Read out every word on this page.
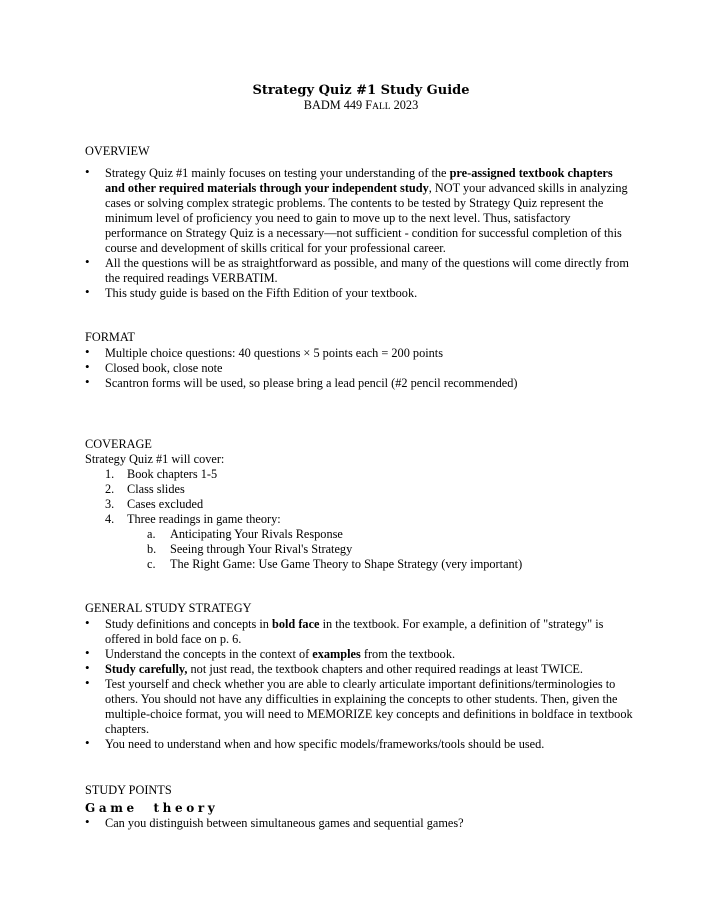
Strategy Quiz #1 Study Guide
BADM 449 FALL 2023
OVERVIEW
• Strategy Quiz #1 mainly focuses on testing your understanding of the pre-assigned textbook chapters and other required materials through your independent study, NOT your advanced skills in analyzing cases or solving complex strategic problems. The contents to be tested by Strategy Quiz represent the minimum level of proficiency you need to gain to move up to the next level. Thus, satisfactory performance on Strategy Quiz is a necessary—not sufficient - condition for successful completion of this course and development of skills critical for your professional career.
• All the questions will be as straightforward as possible, and many of the questions will come directly from the required readings VERBATIM.
• This study guide is based on the Fifth Edition of your textbook.
FORMAT
• Multiple choice questions: 40 questions × 5 points each = 200 points
• Closed book, close note
• Scantron forms will be used, so please bring a lead pencil (#2 pencil recommended)
COVERAGE
Strategy Quiz #1 will cover:
1. Book chapters 1-5
2. Class slides
3. Cases excluded
4. Three readings in game theory:
a. Anticipating Your Rivals Response
b. Seeing through Your Rival's Strategy
c. The Right Game: Use Game Theory to Shape Strategy (very important)
GENERAL STUDY STRATEGY
• Study definitions and concepts in bold face in the textbook. For example, a definition of "strategy" is offered in bold face on p. 6.
• Understand the concepts in the context of examples from the textbook.
• Study carefully, not just read, the textbook chapters and other required readings at least TWICE.
• Test yourself and check whether you are able to clearly articulate important definitions/terminologies to others. You should not have any difficulties in explaining the concepts to other students. Then, given the multiple-choice format, you will need to MEMORIZE key concepts and definitions in boldface in textbook chapters.
• You need to understand when and how specific models/frameworks/tools should be used.
STUDY POINTS
Game theory
• Can you distinguish between simultaneous games and sequential games?
